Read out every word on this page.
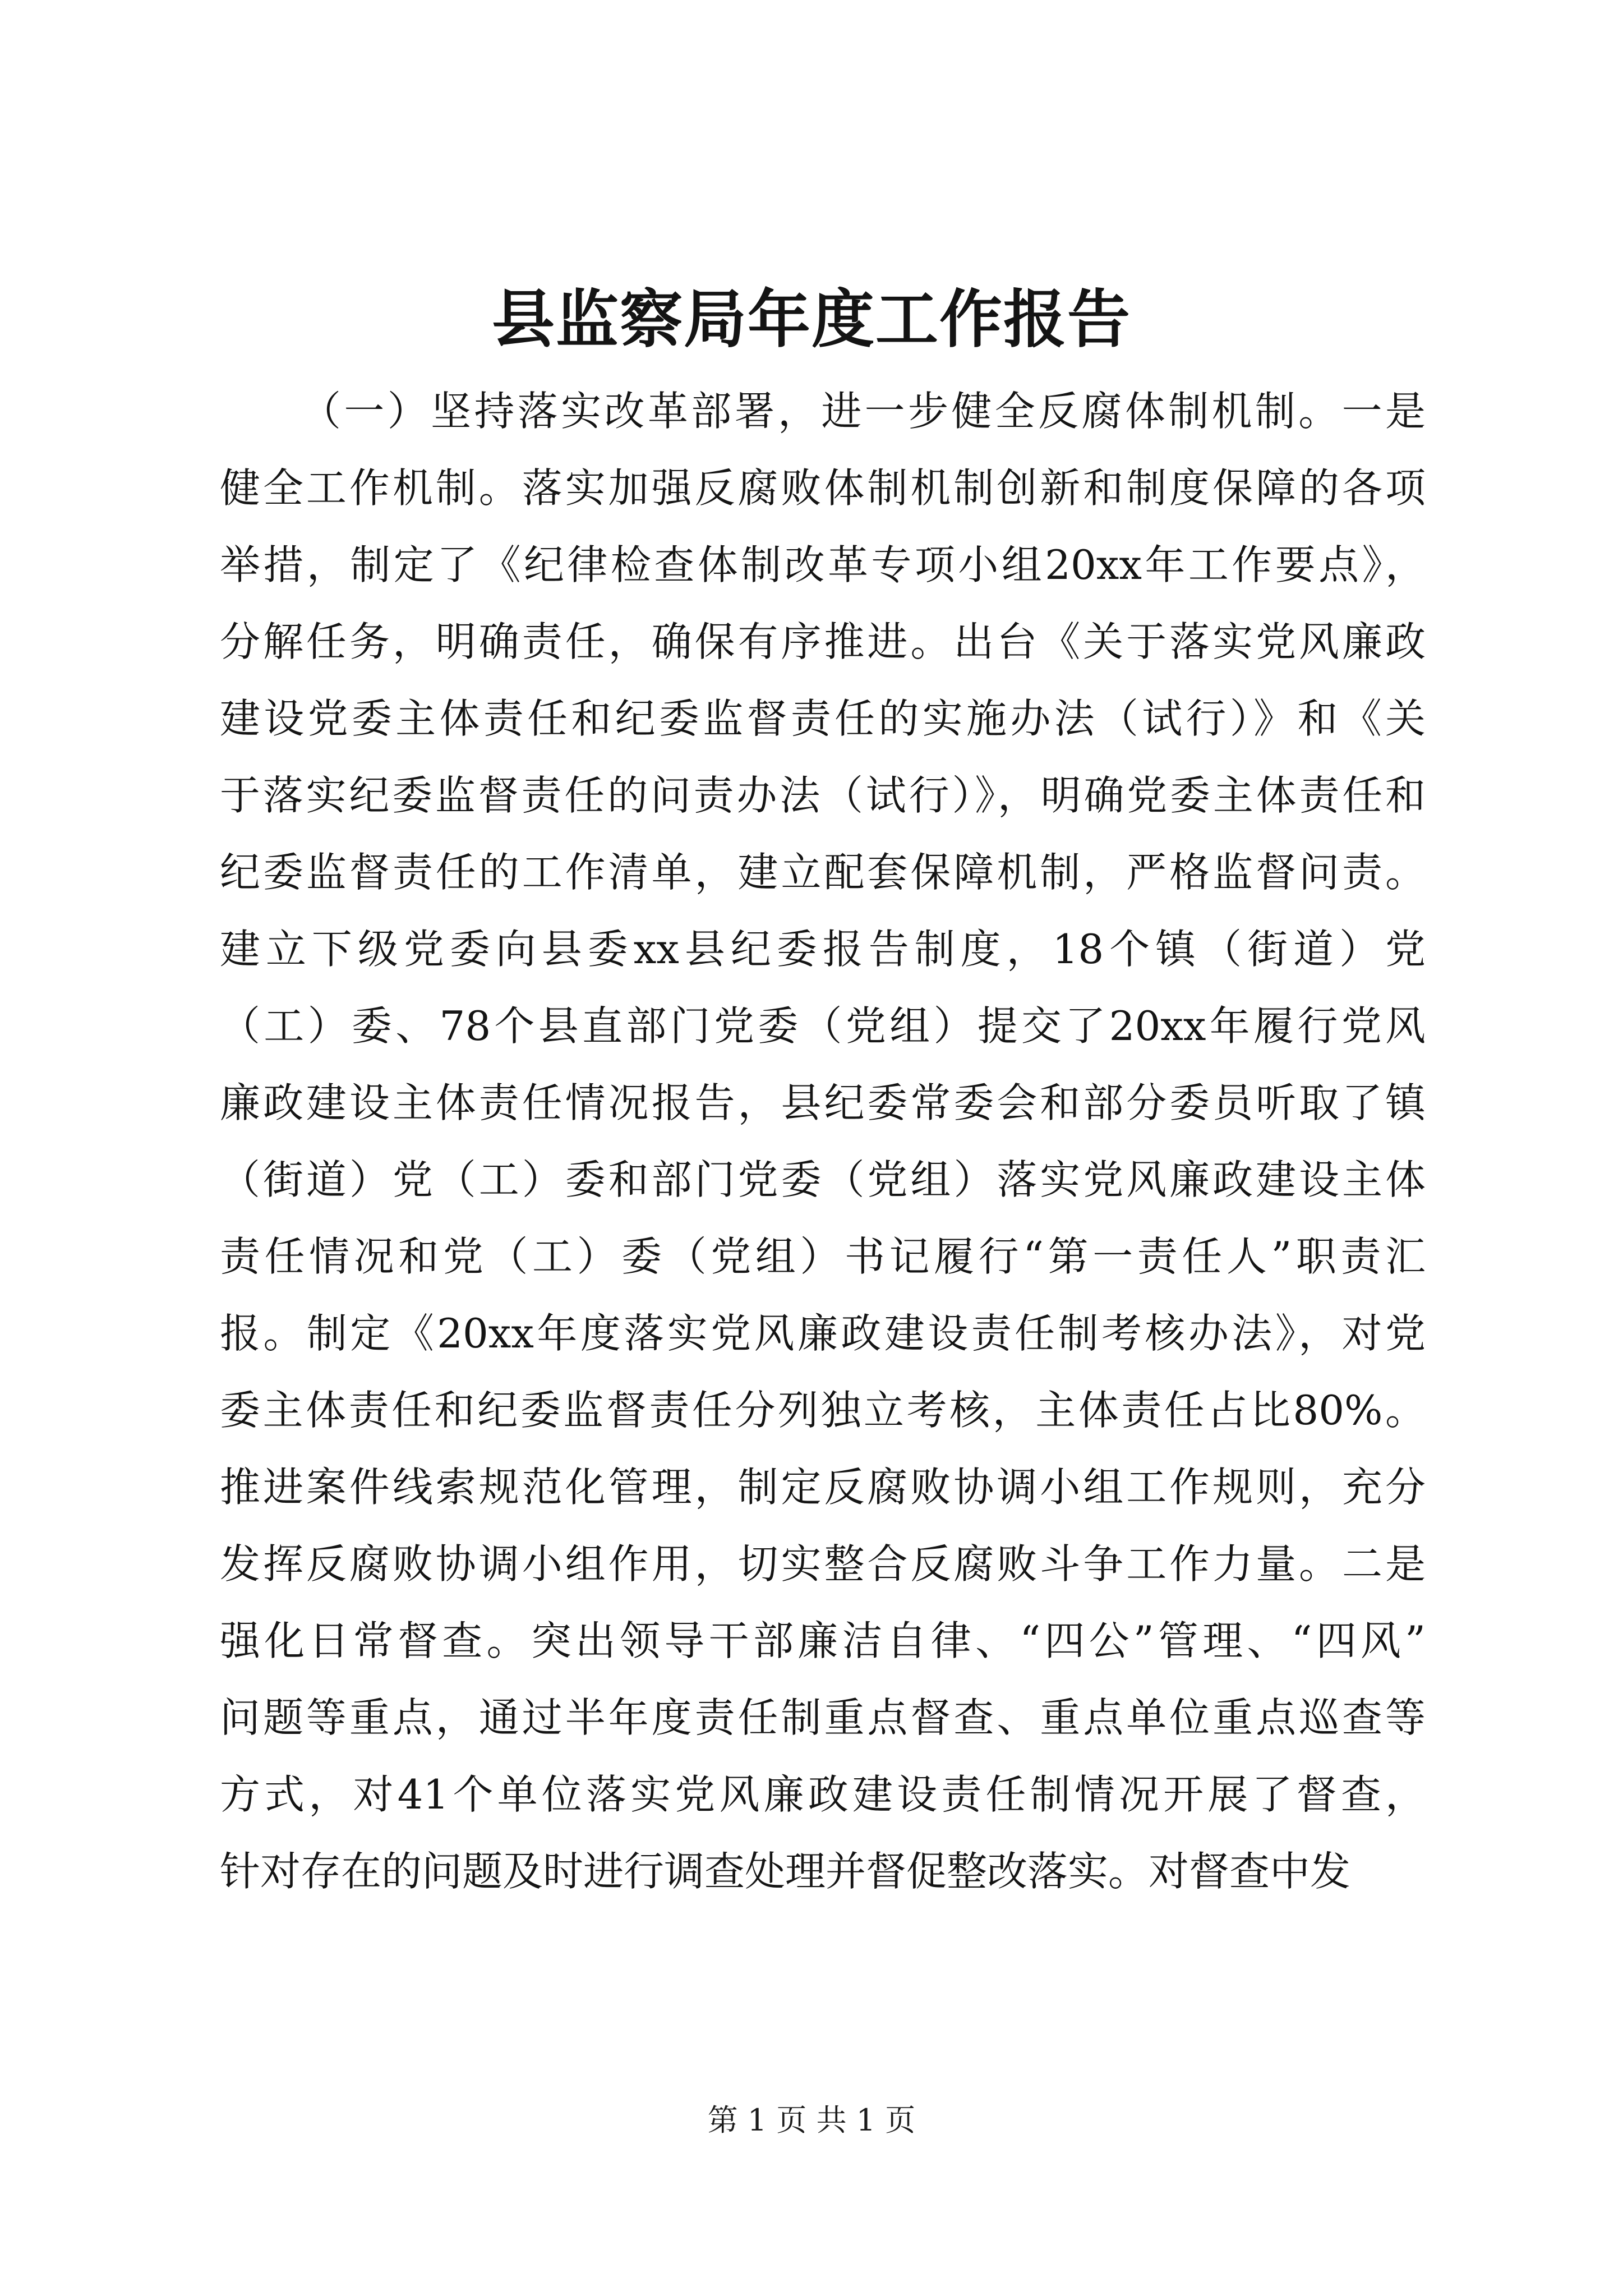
县监察局年度工作报告
（一）坚持落实改革部署，进一步健全反腐体制机制。一是
健全工作机制。落实加强反腐败体制机制创新和制度保障的各项
举措，制定了《纪律检查体制改革专项小组20xx年工作要点》，
分解任务，明确责任，确保有序推进。出台《关于落实党风廉政
建设党委主体责任和纪委监督责任的实施办法（试行）》和《关
于落实纪委监督责任的问责办法（试行）》，明确党委主体责任和
纪委监督责任的工作清单，建立配套保障机制，严格监督问责。
建立下级党委向县委xx县纪委报告制度，18个镇（街道）党
（工）委、78个县直部门党委（党组）提交了20xx年履行党风
廉政建设主体责任情况报告，县纪委常委会和部分委员听取了镇
（街道）党（工）委和部门党委（党组）落实党风廉政建设主体
责任情况和党（工）委（党组）书记履行“第一责任人”职责汇
报。制定《20xx年度落实党风廉政建设责任制考核办法》，对党
委主体责任和纪委监督责任分列独立考核，主体责任占比80%。
推进案件线索规范化管理，制定反腐败协调小组工作规则，充分
发挥反腐败协调小组作用，切实整合反腐败斗争工作力量。二是
强化日常督查。突出领导干部廉洁自律、“四公”管理、“四风”
问题等重点，通过半年度责任制重点督查、重点单位重点巡查等
方式，对41个单位落实党风廉政建设责任制情况开展了督查，
针对存在的问题及时进行调查处理并督促整改落实。对督查中发
第 1 页 共 1 页
